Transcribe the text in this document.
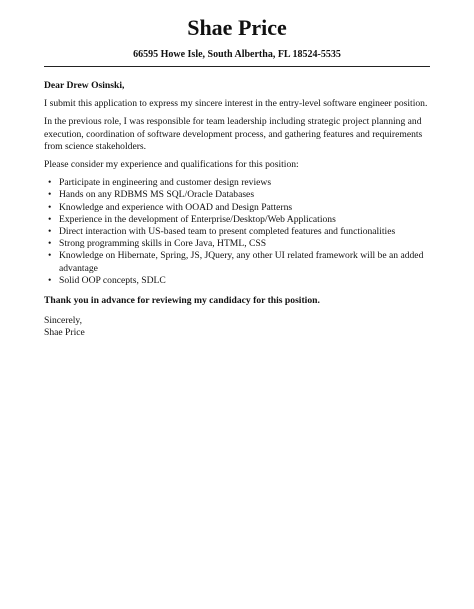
Shae Price
66595 Howe Isle, South Albertha, FL 18524-5535

Dear Drew Osinski,

I submit this application to express my sincere interest in the entry-level software engineer position.

In the previous role, I was responsible for team leadership including strategic project planning and execution, coordination of software development process, and gathering features and requirements from science stakeholders.

Please consider my experience and qualifications for this position:

• Participate in engineering and customer design reviews
• Hands on any RDBMS MS SQL/Oracle Databases
• Knowledge and experience with OOAD and Design Patterns
• Experience in the development of Enterprise/Desktop/Web Applications
• Direct interaction with US-based team to present completed features and functionalities
• Strong programming skills in Core Java, HTML, CSS
• Knowledge on Hibernate, Spring, JS, JQuery, any other UI related framework will be an added advantage
• Solid OOP concepts, SDLC

Thank you in advance for reviewing my candidacy for this position.

Sincerely,

Shae Price
